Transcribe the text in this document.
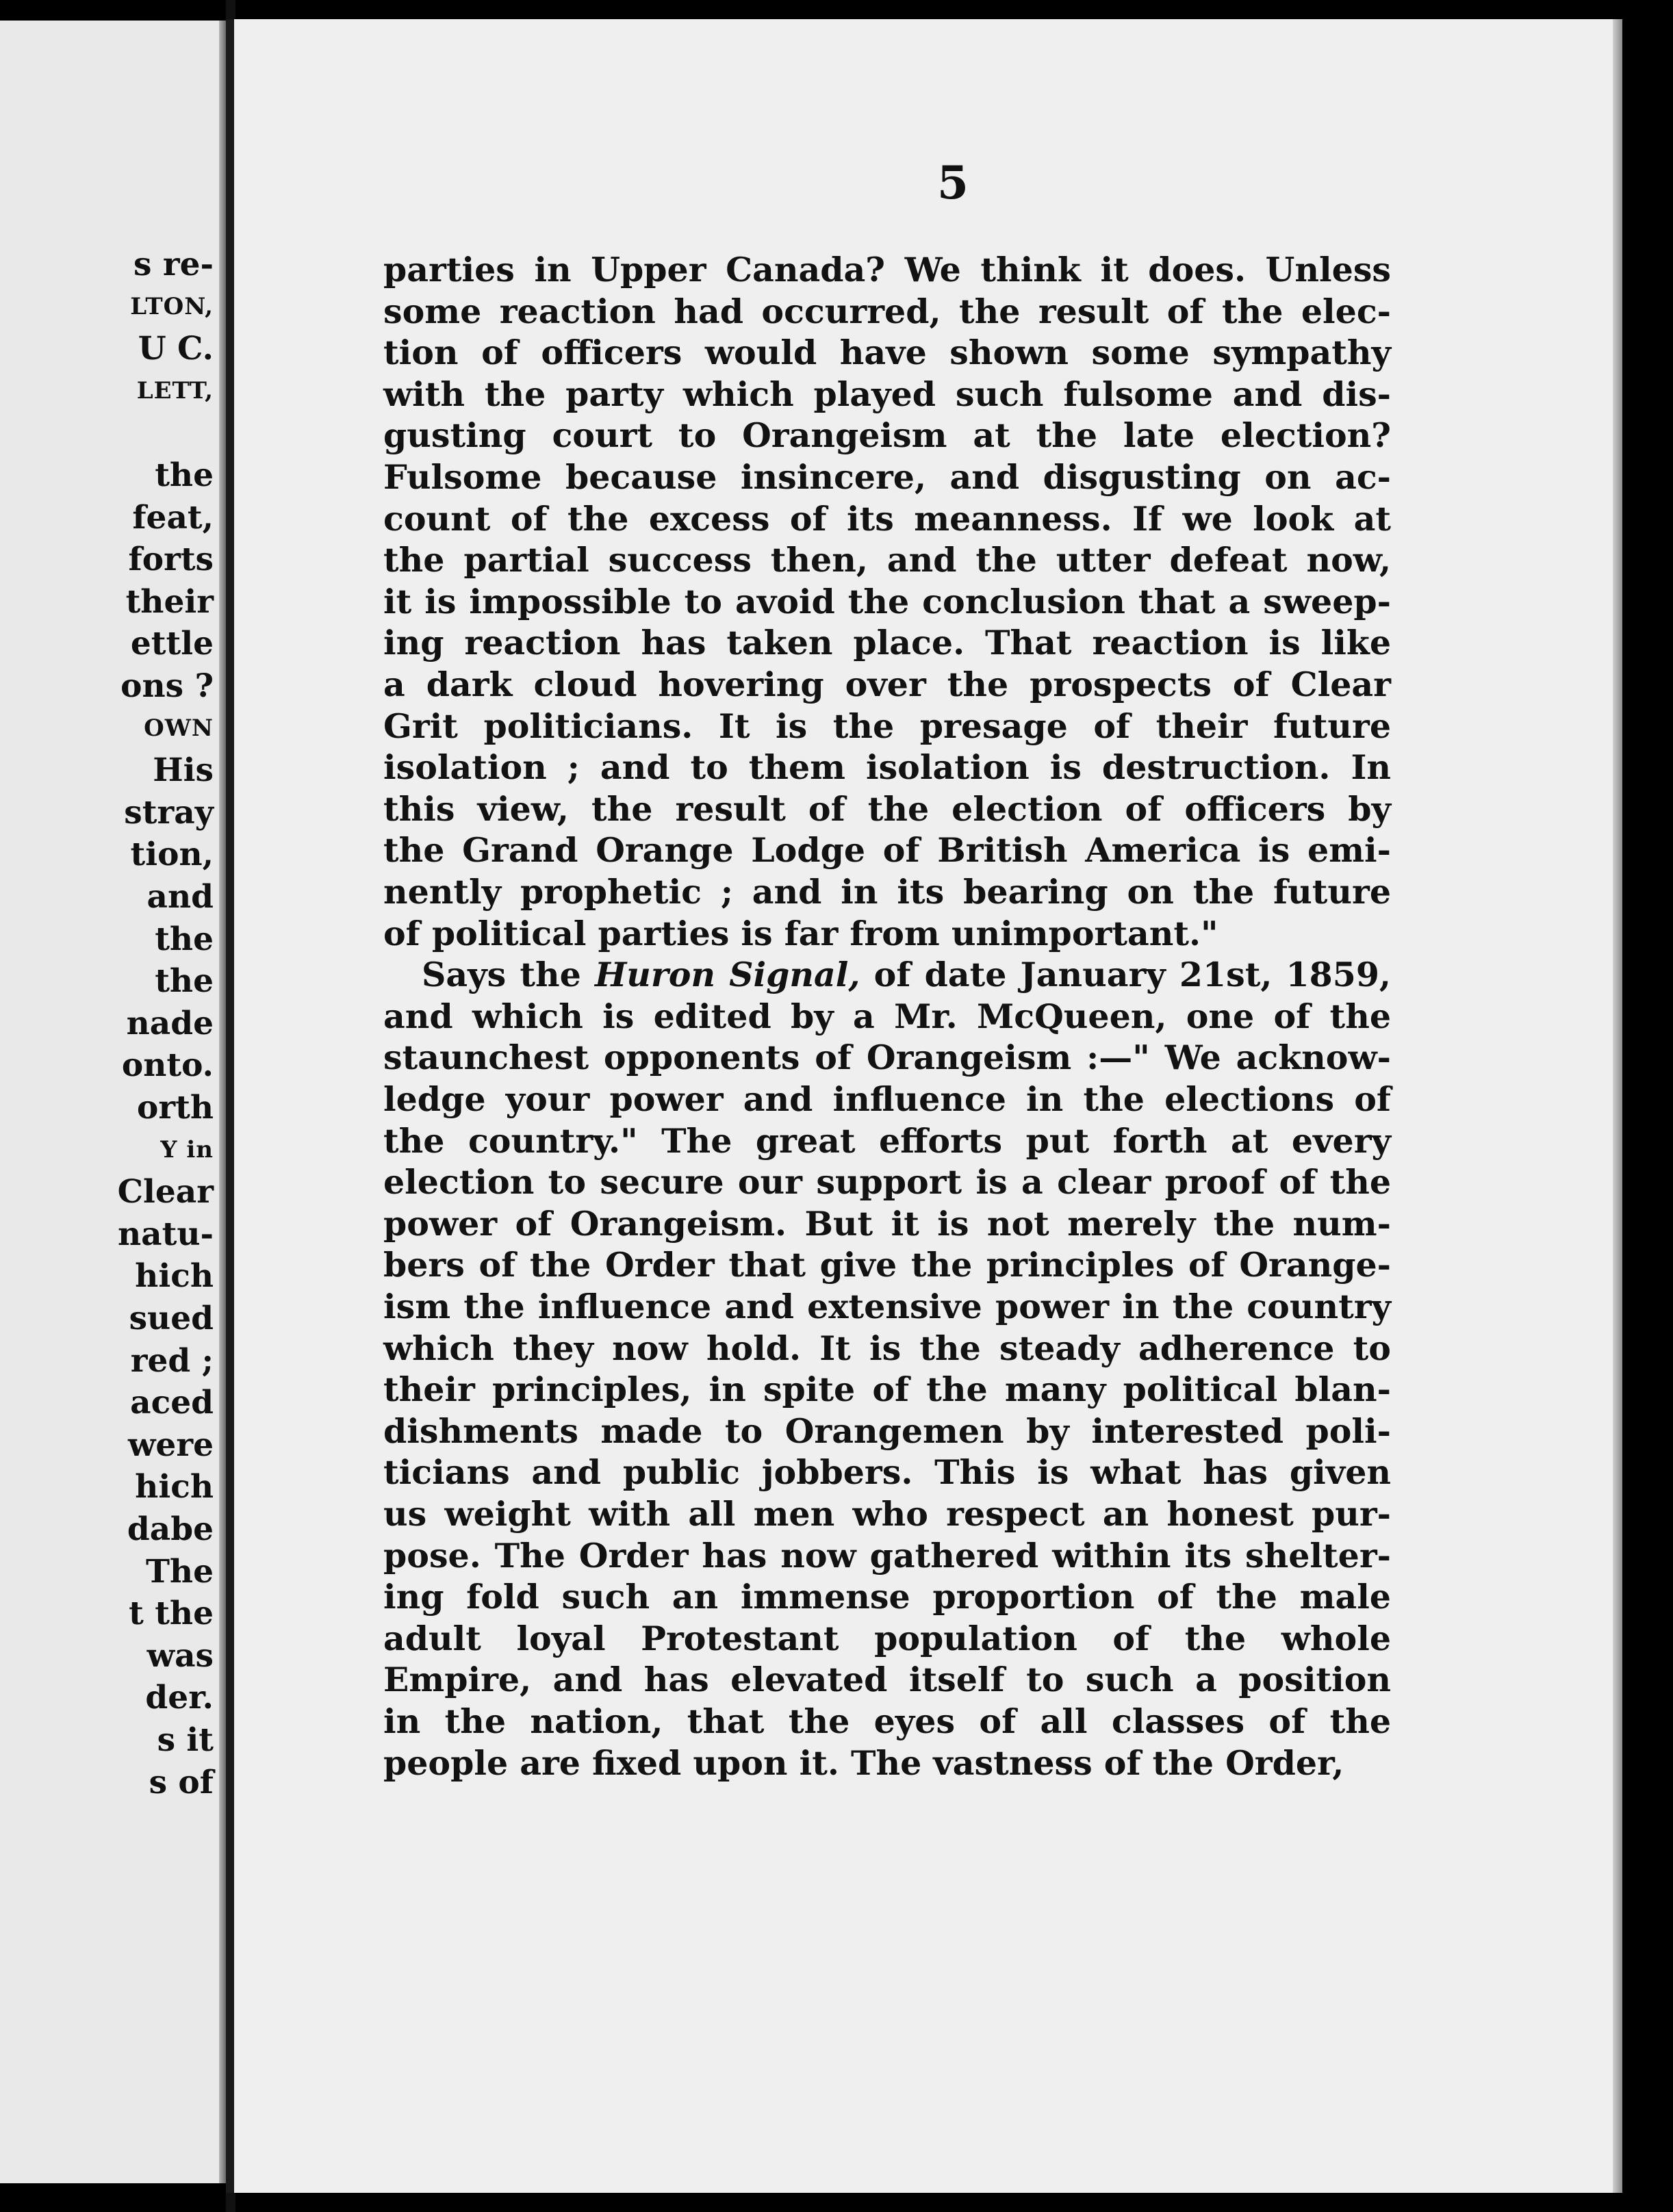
s re-
LTON,
U C.
LETT,
the
feat,
forts
their
ettle
ons ?
OWN
His
stray
tion,
and
the
the
nade
onto.
orth
Y in
Clear
natu-
hich
sued
red ;
aced
were
hich
dabe
The
t the
was
der.
s it
s of
5
parties in Upper Canada? We think it does. Unless
some reaction had occurred, the result of the elec-
tion of officers would have shown some sympathy
with the party which played such fulsome and dis-
gusting court to Orangeism at the late election?
Fulsome because insincere, and disgusting on ac-
count of the excess of its meanness. If we look at
the partial success then, and the utter defeat now,
it is impossible to avoid the conclusion that a sweep-
ing reaction has taken place. That reaction is like
a dark cloud hovering over the prospects of Clear
Grit politicians. It is the presage of their future
isolation ; and to them isolation is destruction. In
this view, the result of the election of officers by
the Grand Orange Lodge of British America is emi-
nently prophetic ; and in its bearing on the future
of political parties is far from unimportant."
Says the Huron Signal, of date January 21st, 1859,
and which is edited by a Mr. McQueen, one of the
staunchest opponents of Orangeism :—" We acknow-
ledge your power and influence in the elections of
the country." The great efforts put forth at every
election to secure our support is a clear proof of the
power of Orangeism. But it is not merely the num-
bers of the Order that give the principles of Orange-
ism the influence and extensive power in the country
which they now hold. It is the steady adherence to
their principles, in spite of the many political blan-
dishments made to Orangemen by interested poli-
ticians and public jobbers. This is what has given
us weight with all men who respect an honest pur-
pose. The Order has now gathered within its shelter-
ing fold such an immense proportion of the male
adult loyal Protestant population of the whole
Empire, and has elevated itself to such a position
in the nation, that the eyes of all classes of the
people are fixed upon it. The vastness of the Order,
